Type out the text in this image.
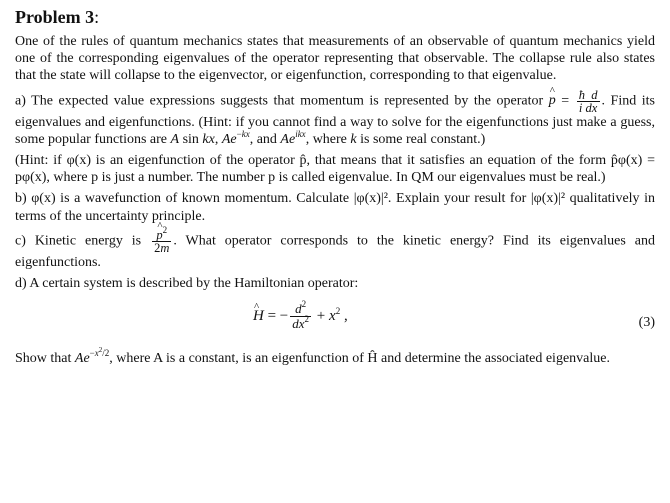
Problem 3:

One of the rules of quantum mechanics states that measurements of an observable of quantum mechanics yield one of the corresponding eigenvalues of the operator representing that observable. The collapse rule also states that the state will collapse to the eigenvector, or eigenfunction, corresponding to that eigenvalue.

a) The expected value expressions suggests that momentum is represented by the operator ^ $p = \frac{\text{ħ d}}{\text{i dx}}$ . Find its eigenvalues and eigenfunctions. (Hint: if you cannot find a way to solve for the eigenfunctions just make a guess, some popular functions are A sin kx, $Ae^{-kx}$, and $Ae^{ikx}$, where k is some real constant.)

(Hint: if φ(x) is an eigenfunction of the operator p̂, that means that it satisfies an equation of the form p̂φ(x) = pφ(x), where p is just a number. The number p is called eigenvalue. In QM our eigenvalues must be real.)

b) φ(x) is a wavefunction of known momentum. Calculate |φ(x)|². Explain your result for |φ(x)|² qualitatively in terms of the uncertainty principle.

c) Kinetic energy is ^ $\frac{p^2}{2m}$ . What operator corresponds to the kinetic energy? Find its eigenvalues and eigenfunctions.

d) A certain system is described by the Hamiltonian operator:

^ H = − $\frac{d^2}{dx^2} + x^2$ ,	(3)

Show that $Ae^{-x^2/2}$, where A is a constant, is an eigenfunction of Ĥ and determine the associated eigenvalue.
